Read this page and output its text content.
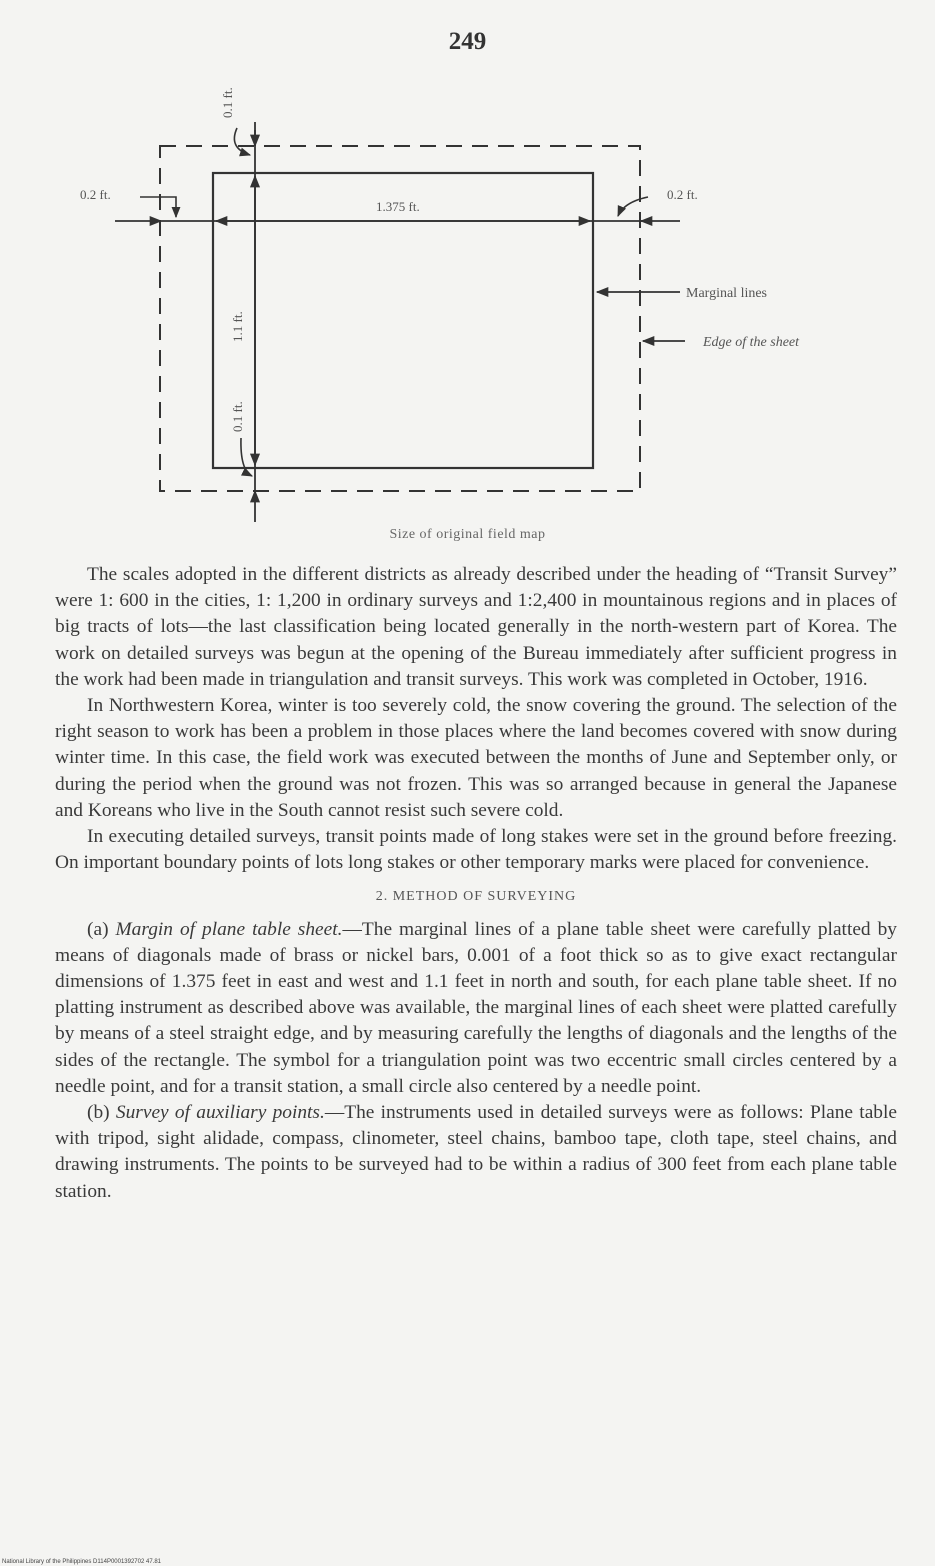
249
0.1 ft.
0.2 ft.
1.375 ft.
0.2 ft.
1.1 ft.
0.1 ft.
Marginal lines
Edge of the sheet
Size of original field map

The scales adopted in the different districts as already described under the heading of “Transit Survey” were 1: 600 in the cities, 1: 1,200 in ordinary surveys and 1:2,400 in mountainous regions and in places of big tracts of lots—the last classification being located generally in the north-western part of Korea. The work on detailed surveys was begun at the opening of the Bureau immediately after sufficient progress in the work had been made in triangulation and transit surveys. This work was completed in October, 1916.

In Northwestern Korea, winter is too severely cold, the snow covering the ground. The selection of the right season to work has been a problem in those places where the land becomes covered with snow during winter time. In this case, the field work was executed between the months of June and September only, or during the period when the ground was not frozen. This was so arranged because in general the Japanese and Koreans who live in the South cannot resist such severe cold.

In executing detailed surveys, transit points made of long stakes were set in the ground before freezing. On important boundary points of lots long stakes or other temporary marks were placed for convenience.

2. METHOD OF SURVEYING

(a) Margin of plane table sheet.—The marginal lines of a plane table sheet were carefully platted by means of diagonals made of brass or nickel bars, 0.001 of a foot thick so as to give exact rectangular dimensions of 1.375 feet in east and west and 1.1 feet in north and south, for each plane table sheet. If no platting instrument as described above was available, the marginal lines of each sheet were platted carefully by means of a steel straight edge, and by measuring carefully the lengths of diagonals and the lengths of the sides of the rectangle. The symbol for a triangulation point was two eccentric small circles centered by a needle point, and for a transit station, a small circle also centered by a needle point.

(b) Survey of auxiliary points.—The instruments used in detailed surveys were as follows: Plane table with tripod, sight alidade, compass, clinometer, steel chains, bamboo tape, cloth tape, steel chains, and drawing instruments. The points to be surveyed had to be within a radius of 300 feet from each plane table station.

National Library of the Philippines D114P0001392702 47.81
